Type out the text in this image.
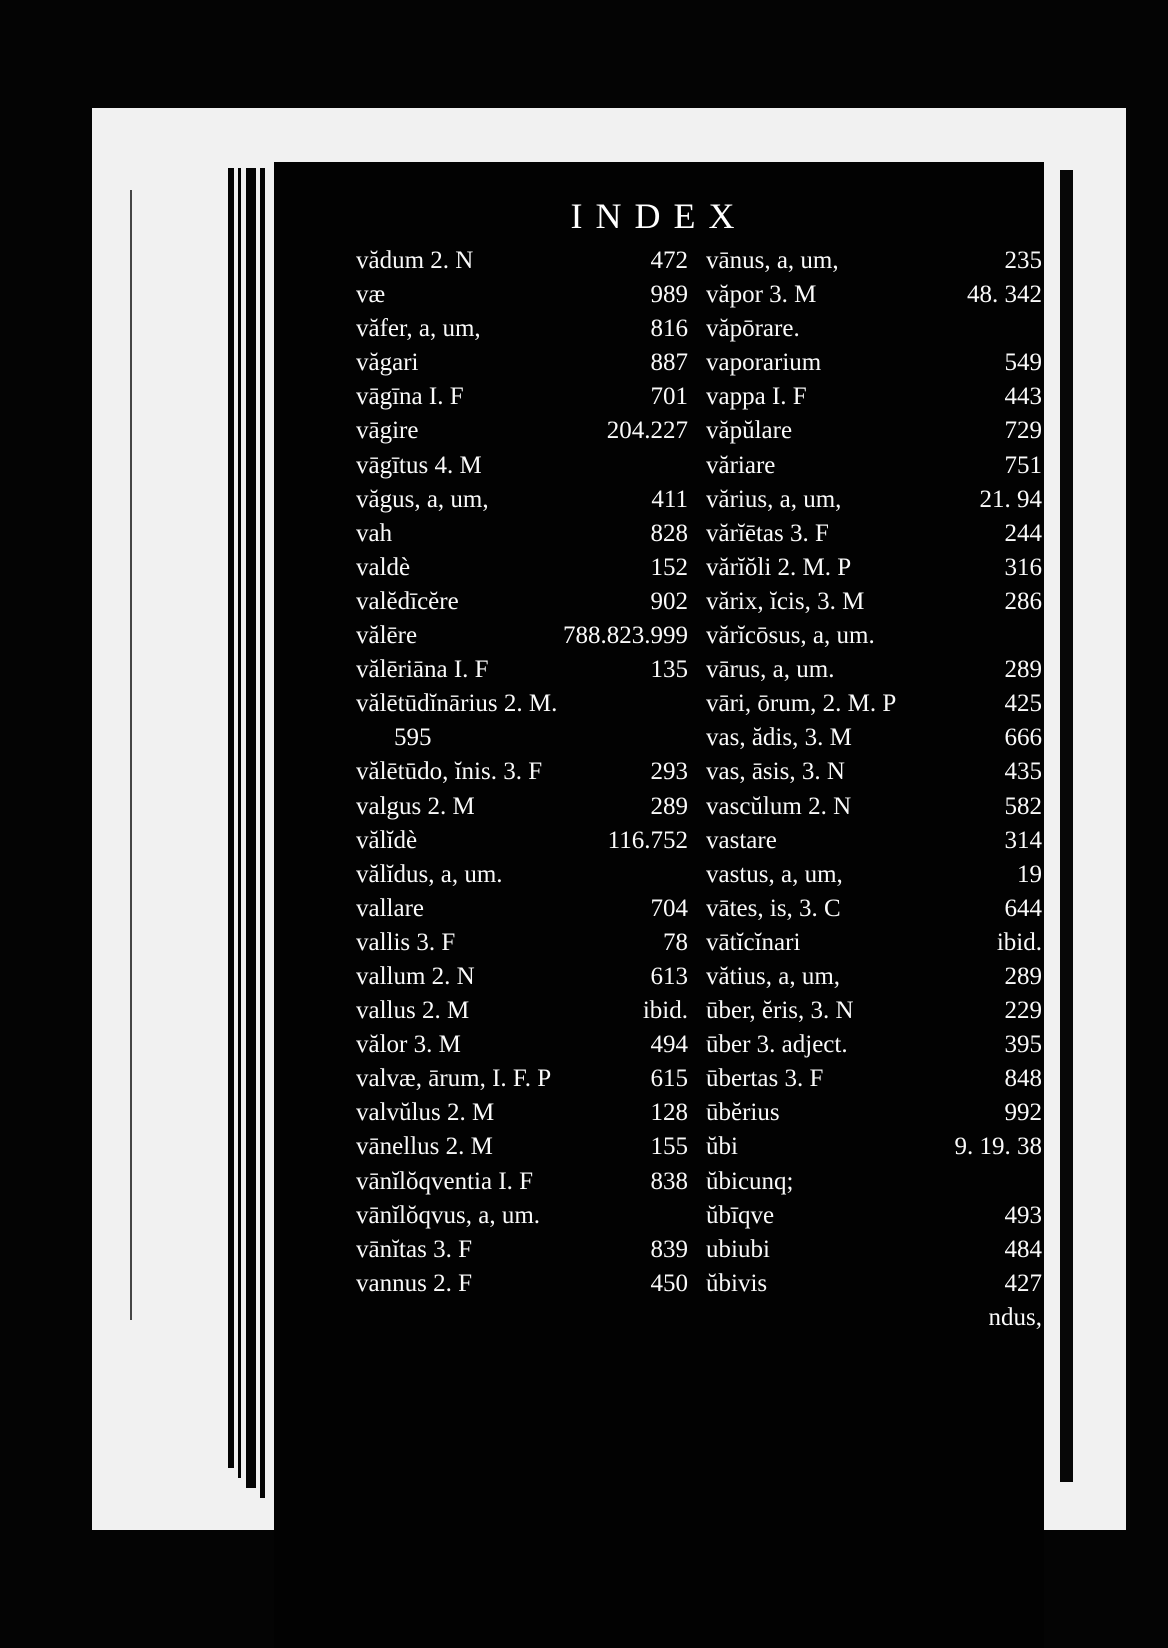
INDEX
vădum 2. N	472
væ	989
văfer, a, um,	816
văgari	887
vāgīna I. F	701
vāgire	204.227
vāgītus 4. M
văgus, a, um,	411
vah	828
valdè	152
valĕdīcĕre	902
vălēre	788.823.999
vălēriāna I. F	135
vălētūdĭnārius 2. M.
595
vălētūdo, ĭnis. 3. F	293
valgus 2. M	289
vălĭdè	116.752
vălĭdus, a, um.
vallare	704
vallis 3. F	78
vallum 2. N	613
vallus 2. M	ibid.
vălor 3. M	494
valvæ, ārum, I. F. P	615
valvŭlus 2. M	128
vānellus 2. M	155
vānĭlŏqventia I. F	838
vānĭlŏqvus, a, um.
vānĭtas 3. F	839
vannus 2. F	450
vānus, a, um,	235
văpor 3. M	48. 342
văpōrare.
vaporarium	549
vappa I. F	443
văpŭlare	729
văriare	751
vărius, a, um,	21. 94
vărĭētas 3. F	244
vărĭŏli 2. M. P	316
vărix, ĭcis, 3. M	286
vărĭcōsus, a, um.
vārus, a, um.	289
vāri, ōrum, 2. M. P	425
vas, ădis, 3. M	666
vas, āsis, 3. N	435
vascŭlum 2. N	582
vastare	314
vastus, a, um,	19
vātes, is, 3. C	644
vātĭcĭnari	ibid.
vătius, a, um,	289
ūber, ĕris, 3. N	229
ūber 3. adject.	395
ūbertas 3. F	848
ūbĕrius	992
ŭbi	9. 19. 38
ŭbicunq;
ŭbīqve	493
ubiubi	484
ŭbivis	427
ndus,
